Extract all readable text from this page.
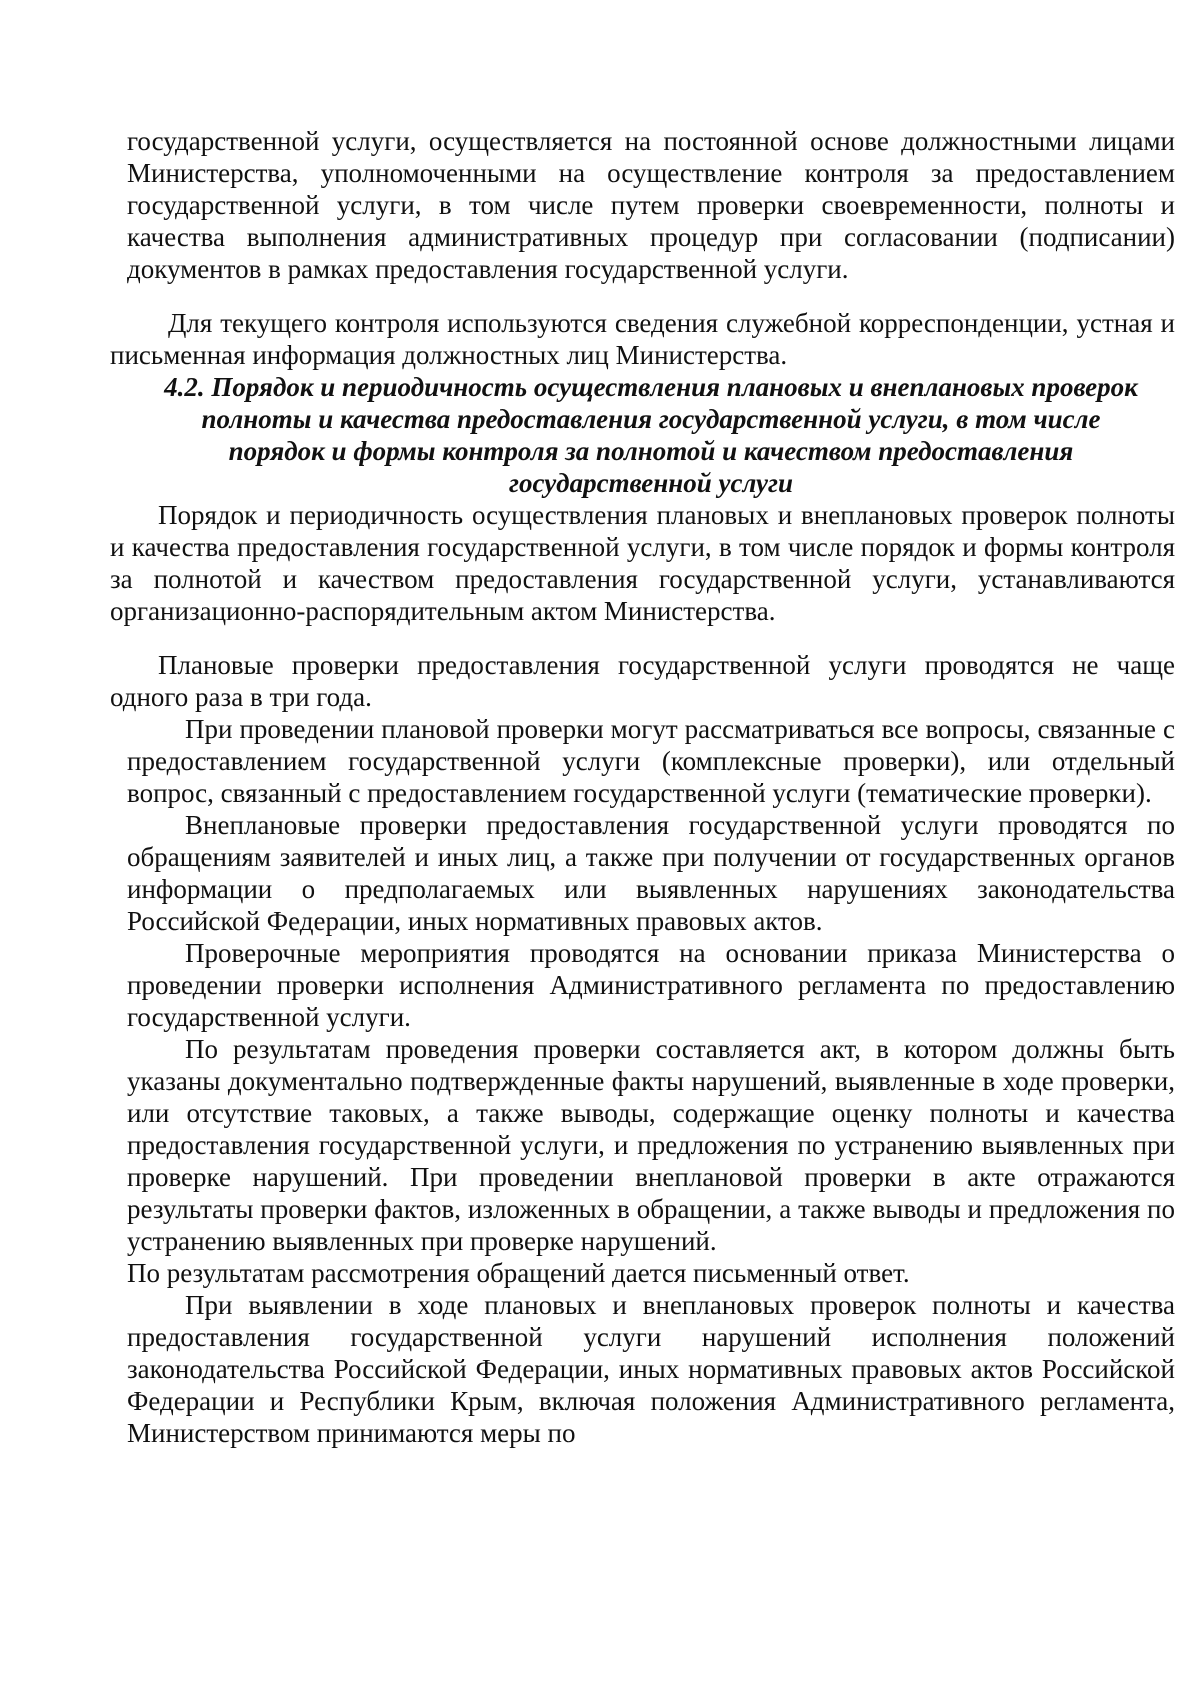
государственной услуги, осуществляется на постоянной основе должностными лицами Министерства, уполномоченными на осуществление контроля за предоставлением государственной услуги, в том числе путем проверки своевременности, полноты и качества выполнения административных процедур при согласовании (подписании) документов в рамках предоставления государственной услуги.

Для текущего контроля используются сведения служебной корреспонденции, устная и письменная информация должностных лиц Министерства.

4.2. Порядок и периодичность осуществления плановых и внеплановых проверок полноты и качества предоставления государственной услуги, в том числе порядок и формы контроля за полнотой и качеством предоставления государственной услуги

Порядок и периодичность осуществления плановых и внеплановых проверок полноты и качества предоставления государственной услуги, в том числе порядок и формы контроля за полнотой и качеством предоставления государственной услуги, устанавливаются организационно-распорядительным актом Министерства.

Плановые проверки предоставления государственной услуги проводятся не чаще одного раза в три года.

При проведении плановой проверки могут рассматриваться все вопросы, связанные с предоставлением государственной услуги (комплексные проверки), или отдельный вопрос, связанный с предоставлением государственной услуги (тематические проверки).

Внеплановые проверки предоставления государственной услуги проводятся по обращениям заявителей и иных лиц, а также при получении от государственных органов информации о предполагаемых или выявленных нарушениях законодательства Российской Федерации, иных нормативных правовых актов.

Проверочные мероприятия проводятся на основании приказа Министерства о проведении проверки исполнения Административного регламента по предоставлению государственной услуги.

По результатам проведения проверки составляется акт, в котором должны быть указаны документально подтвержденные факты нарушений, выявленные в ходе проверки, или отсутствие таковых, а также выводы, содержащие оценку полноты и качества предоставления государственной услуги, и предложения по устранению выявленных при проверке нарушений. При проведении внеплановой проверки в акте отражаются результаты проверки фактов, изложенных в обращении, а также выводы и предложения по устранению выявленных при проверке нарушений.

По результатам рассмотрения обращений дается письменный ответ.

При выявлении в ходе плановых и внеплановых проверок полноты и качества предоставления государственной услуги нарушений исполнения положений законодательства Российской Федерации, иных нормативных правовых актов Российской Федерации и Республики Крым, включая положения Административного регламента, Министерством принимаются меры по
